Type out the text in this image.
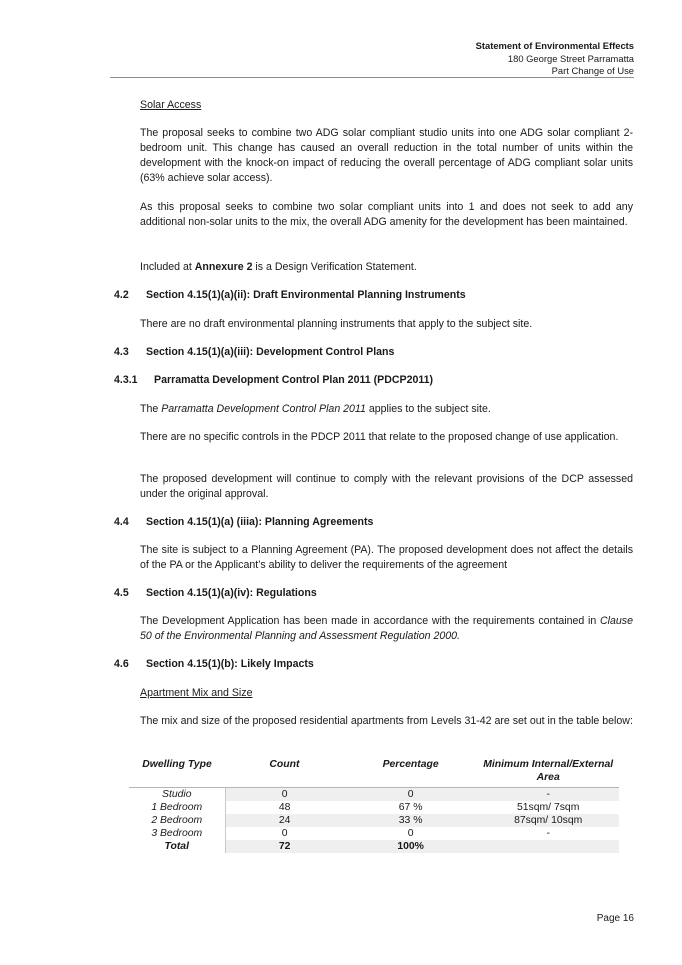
Statement of Environmental Effects
180 George Street Parramatta
Part Change of Use
Solar Access
The proposal seeks to combine two ADG solar compliant studio units into one ADG solar compliant 2-bedroom unit. This change has caused an overall reduction in the total number of units within the development with the knock-on impact of reducing the overall percentage of ADG compliant solar units (63% achieve solar access).
As this proposal seeks to combine two solar compliant units into 1 and does not seek to add any additional non-solar units to the mix, the overall ADG amenity for the development has been maintained.
Included at Annexure 2 is a Design Verification Statement.
4.2 Section 4.15(1)(a)(ii): Draft Environmental Planning Instruments
There are no draft environmental planning instruments that apply to the subject site.
4.3 Section 4.15(1)(a)(iii): Development Control Plans
4.3.1 Parramatta Development Control Plan 2011 (PDCP2011)
The Parramatta Development Control Plan 2011 applies to the subject site.
There are no specific controls in the PDCP 2011 that relate to the proposed change of use application.
The proposed development will continue to comply with the relevant provisions of the DCP assessed under the original approval.
4.4 Section 4.15(1)(a) (iiia): Planning Agreements
The site is subject to a Planning Agreement (PA). The proposed development does not affect the details of the PA or the Applicant’s ability to deliver the requirements of the agreement
4.5 Section 4.15(1)(a)(iv): Regulations
The Development Application has been made in accordance with the requirements contained in Clause 50 of the Environmental Planning and Assessment Regulation 2000.
4.6 Section 4.15(1)(b): Likely Impacts
Apartment Mix and Size
The mix and size of the proposed residential apartments from Levels 31-42 are set out in the table below:
Dwelling Type	Count	Percentage	Minimum Internal/External Area
Studio	0	0	-
1 Bedroom	48	67 %	51sqm/ 7sqm
2 Bedroom	24	33 %	87sqm/ 10sqm
3 Bedroom	0	0	-
Total	72	100%	
Page 16
